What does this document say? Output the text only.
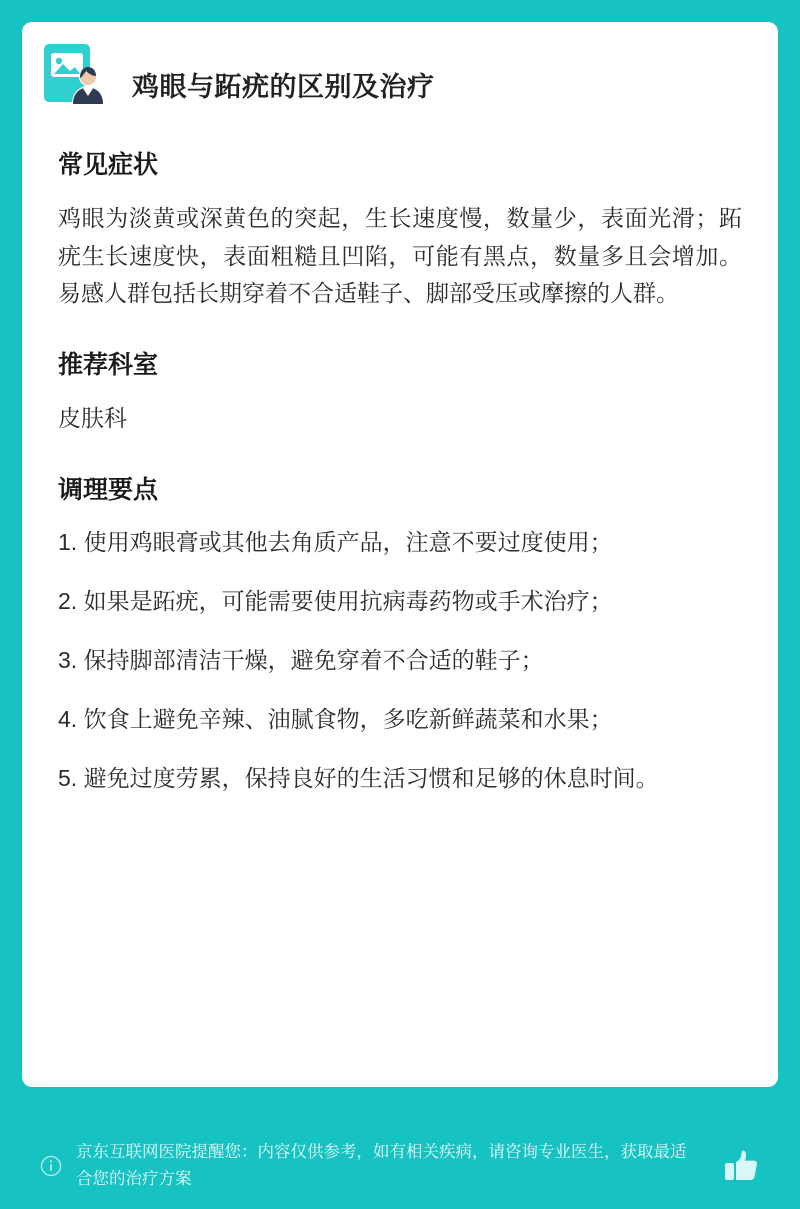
鸡眼与跖疣的区别及治疗
常见症状

鸡眼为淡黄或深黄色的突起，生长速度慢，数量少，表面光滑；跖疣生长速度快，表面粗糙且凹陷，可能有黑点，数量多且会增加。易感人群包括长期穿着不合适鞋子、脚部受压或摩擦的人群。

推荐科室

皮肤科

调理要点

1. 使用鸡眼膏或其他去角质产品，注意不要过度使用；

2. 如果是跖疣，可能需要使用抗病毒药物或手术治疗；

3. 保持脚部清洁干燥，避免穿着不合适的鞋子；

4. 饮食上避免辛辣、油腻食物，多吃新鲜蔬菜和水果；

5. 避免过度劳累，保持良好的生活习惯和足够的休息时间。

京东互联网医院提醒您：内容仅供参考，如有相关疾病，请咨询专业医生，获取最适合您的治疗方案
